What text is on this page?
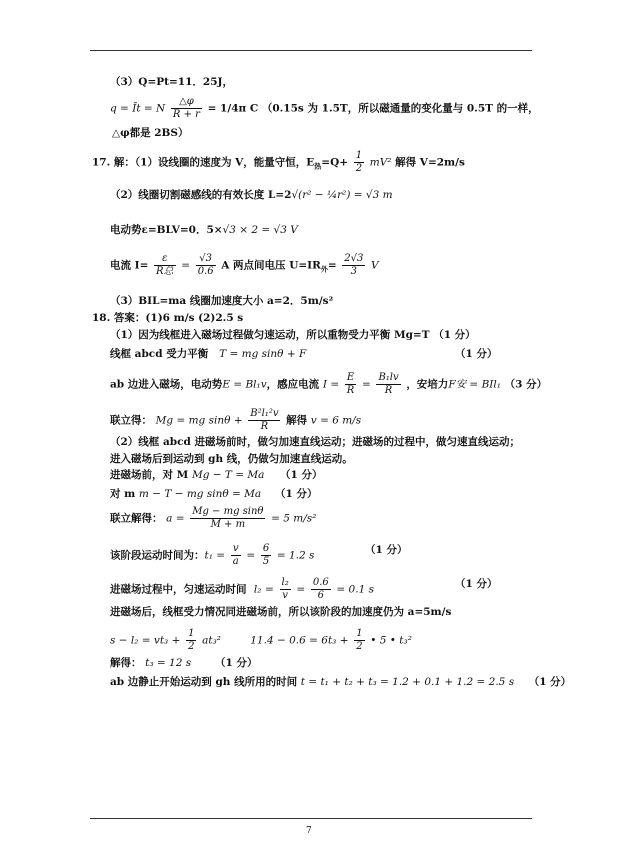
（3）Q=Pt=11．25J，
q = Īt = N $\frac{\triangle\varphi}{R + r} = 1/4\pi$ C （0.15s 为 1.5T，所以磁通量的变化量与 0.5T 的一样，
△φ都是 2BS）
17. 解：（1）设线圈的速度为 V，能量守恒，$E_热=Q+ \frac{1}{2} mV^2$ 解得 V=2m/s
（2）线圈切割磁感线的有效长度 L=2√(r² − ¼r²) = √3 m
电动势ε=BLV=0．5×√3 × 2 = √3 V
电流 $I= \frac{\varepsilon}{\text{R总}} = \frac{√3}{0.6}$ A 两点间电压 $U=IR_外= \frac{2√3}{3}$ V
（3）BIL=ma 线圈加速度大小 a=2．5m/s²
18. 答案：(1)6 m/s (2)2.5 s
（1）因为线框进入磁场过程做匀速运动，所以重物受力平衡 Mg=T （1 分）
线框 abcd 受力平衡 T = mg sinθ + F	（1 分）
ab 边进入磁场，电动势E = Bl₁v，感应电流 $I = \frac{E}{R} = \frac{\text{B₁lv}}{R}$ ，安培力F安 = BIl₁ （3 分）
联立得： Mg = mg $\sin\theta + \frac{\text{B²l₁²v}}{R}$ 解得 v = 6 m/s
（2）线框 abcd 进磁场前时，做匀加速直线运动；进磁场的过程中，做匀速直线运动；
进入磁场后到运动到 gh 线，仍做匀加速直线运动。
进磁场前，对 M Mg − T = Ma （1 分）
对 m m − T − mg sinθ = Ma （1 分）
联立解得： $a = \frac{\text{Mg − mg sinθ}}{M + m} = 5$ m/s²
该阶段运动时间为：$t_1 = \frac{v}{a} = \frac{6}{5} = 1.2$ s	（1 分）
进磁场过程中，匀速运动时间 $l_2 = \frac{\text{l₂}}{v} = \frac{0.6}{6} = 0.1$ s	（1 分）
进磁场后，线框受力情况同进磁场前，所以该阶段的加速度仍为 a=5m/s
$s - l_2 = vt_3 + \frac{1}{2} at_3^2$	$11.4 - 0.6 = 6t_3 + \frac{1}{2}$ • 5 • t₃²
解得： t₃ = 12 s （1 分）
ab 边静止开始运动到 gh 线所用的时间 t = t₁ + t₂ + t₃ = 1.2 + 0.1 + 1.2 = 2.5 s （1 分）
7
